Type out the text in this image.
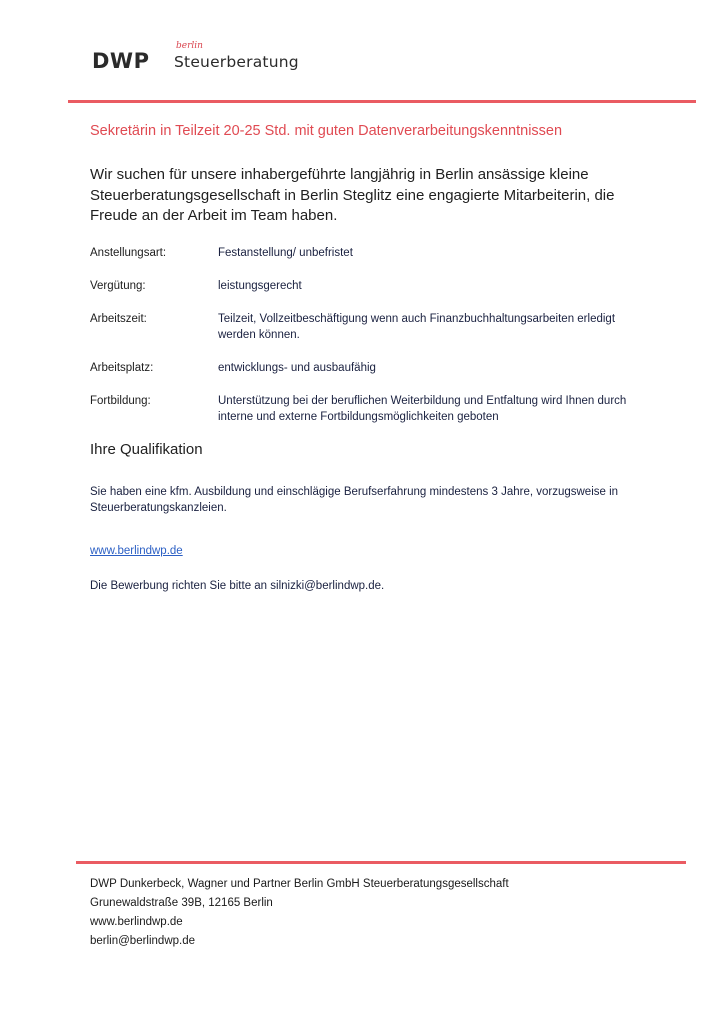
DWP
berlin
Steuerberatung
Sekretärin in Teilzeit 20-25 Std. mit guten Datenverarbeitungskenntnissen
Wir suchen für unsere inhabergeführte langjährig in Berlin ansässige kleine Steuerberatungsgesellschaft in Berlin Steglitz eine engagierte Mitarbeiterin, die Freude an der Arbeit im Team haben.
Anstellungsart:	Festanstellung/ unbefristet
Vergütung:	leistungsgerecht
Arbeitszeit:	Teilzeit, Vollzeitbeschäftigung wenn auch Finanzbuchhaltungsarbeiten erledigt werden können.
Arbeitsplatz:	entwicklungs- und ausbaufähig
Fortbildung:	Unterstützung bei der beruflichen Weiterbildung und Entfaltung wird Ihnen durch interne und externe Fortbildungsmöglichkeiten geboten
Ihre Qualifikation
Sie haben eine kfm. Ausbildung und einschlägige Berufserfahrung mindestens 3 Jahre, vorzugsweise in Steuerberatungskanzleien.
www.berlindwp.de
Die Bewerbung richten Sie bitte an silnizki@berlindwp.de.
DWP Dunkerbeck, Wagner und Partner Berlin GmbH Steuerberatungsgesellschaft
Grunewaldstraße 39B, 12165 Berlin
www.berlindwp.de
berlin@berlindwp.de
